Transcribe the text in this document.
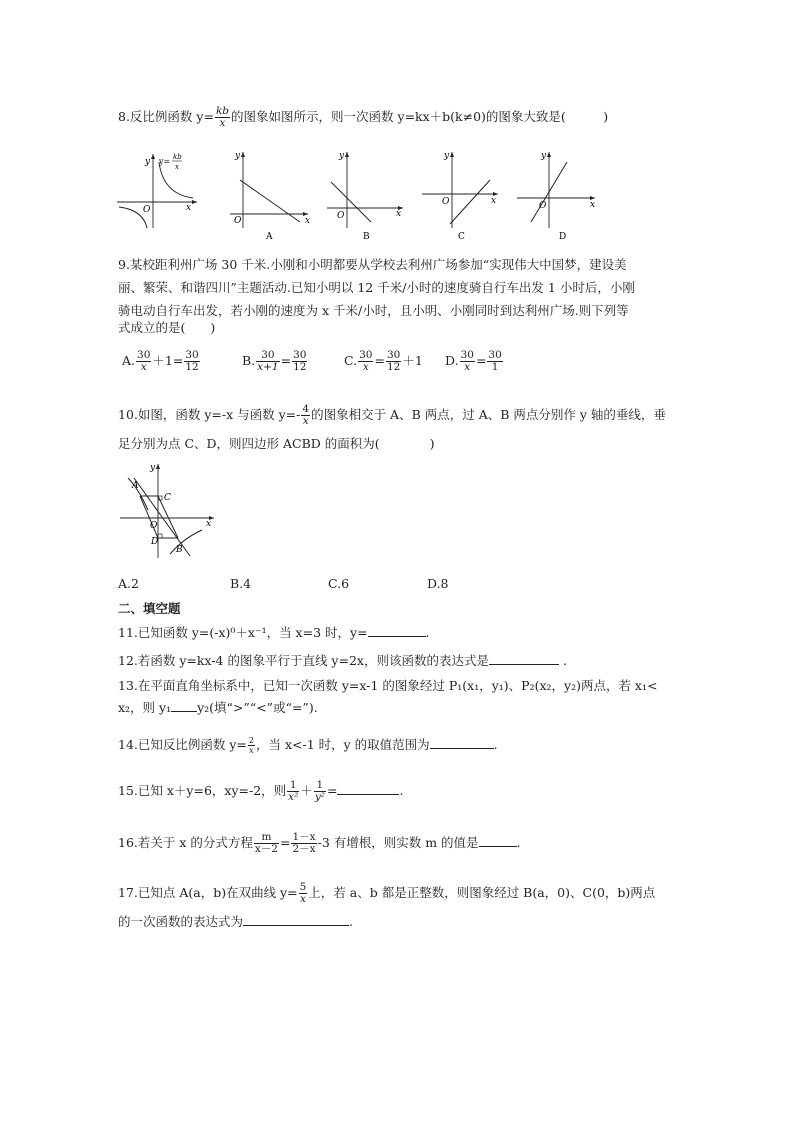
8.反比例函数 $y= \frac{kb}{x}$ 的图象如图所示，则一次函数 y=kx＋b(k≠0)的图象大致是(　　　)
y
x
O
y= kb
x
y
x
O
A
y
x
O
B
y
x
O
C
y
x
O
D
9.某校距利州广场 30 千米.小刚和小明都要从学校去利州广场参加“实现伟大中国梦，建设美
丽、繁荣、和谐四川”主题活动.已知小明以 12 千米/小时的速度骑自行车出发 1 小时后，小刚
骑电动自行车出发，若小刚的速度为 x 千米/小时，且小明、小刚同时到达利州广场.则下列等
式成立的是(　　)
A. $\frac{30}{x} +1= \frac{30}{12}$	B. $\frac{30}{x+1} = \frac{30}{12}$	C. $\frac{30}{x} = \frac{30}{12} +1$ D. $\frac{30}{x} = \frac{30}{1}$
10.如图，函数 y=-x 与函数 $y=- \frac{4}{x}$ 的图象相交于 A、B 两点，过 A、B 两点分别作 y 轴的垂线，垂
足分别为点 C、D，则四边形 ACBD 的面积为(　　　　)
y
x
O
A
C
D
B
A.2	B.4	C.6	D.8
二、填空题
11.已知函数 y=(-x)⁰＋x⁻¹，当 x=3 时，y=	.
12.若函数 y=kx-4 的图象平行于直线 y=2x，则该函数的表达式是	.
13.在平面直角坐标系中，已知一次函数 y=x-1 的图象经过 P₁(x₁，y₁)、P₂(x₂，y₂)两点，若 x₁<
x₂，则 y₁ y₂(填“>”“<”或“=”).
14.已知反比例函数 $y= \frac{2}{x}$ ，当 x<-1 时，y 的取值范围为	.
15.已知 x＋y=6，xy=-2，则 $\frac{1}{\text{x²}} + \frac{1}{\text{y²}}$ =	.
16.若关于 x 的分式方程 $\frac{m}{x-2} = \frac{1-x}{2-x} -3$ 有增根，则实数 m 的值是	.
17.已知点 A(a，b)在双曲线 $y= \frac{5}{x}$ 上，若 a、b 都是正整数，则图象经过 B(a，0)、C(0，b)两点
的一次函数的表达式为	.
